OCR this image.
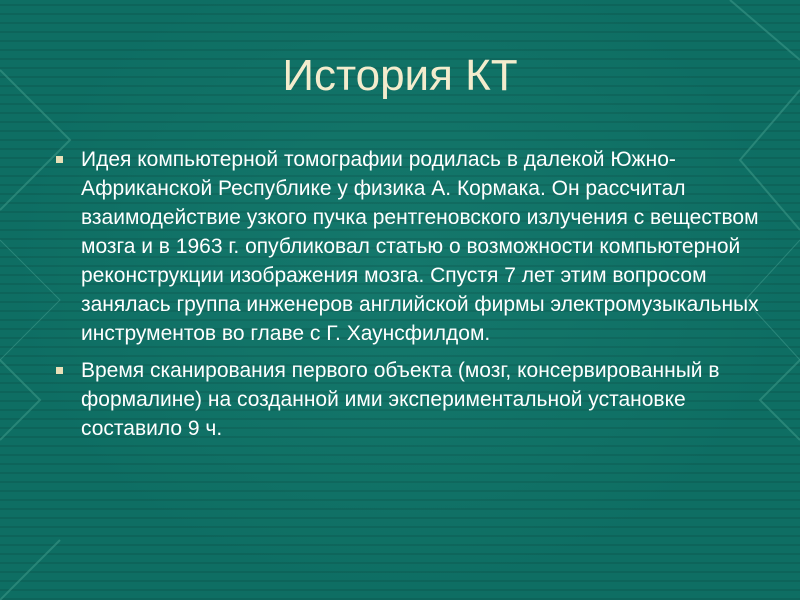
История КТ
Идея компьютерной томографии родилась в далекой Южно-Африканской Республике у физика А. Кормака. Он рассчитал взаимодействие узкого пучка рентгеновского излучения с веществом мозга и в 1963 г. опубликовал статью о возможности компьютерной реконструкции изображения мозга. Спустя 7 лет этим вопросом занялась группа инженеров английской фирмы электромузыкальных инструментов во главе с Г. Хаунсфилдом.
Время сканирования первого объекта (мозг, консервированный в формалине) на созданной ими экспериментальной установке составило 9 ч.
